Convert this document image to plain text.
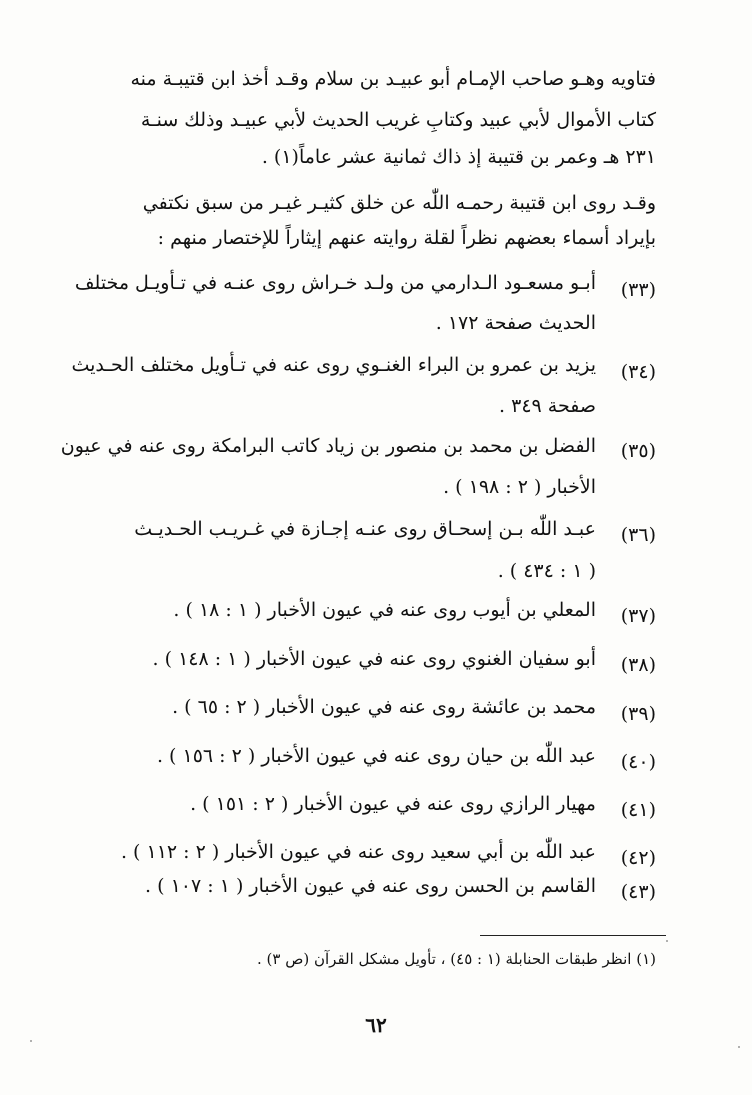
فتاويه وهـو صاحب الإمـام أبو عبيـد بن سلام وقـد أخذ ابن قتيبـة منه
كتاب الأموال لأبي عبيد وكتابِ غريب الحديث لأبي عبيـد وذلك سنـة
٢٣١ هـ وعمر بن قتيبة إذ ذاك ثمانية عشر عاماً(١) .
وقـد روى ابن قتيبة رحمـه اللّٰه عن خلق كثيـر غيـر من سبق نكتفي
بإيراد أسماء بعضهم نظراً لقلة روايته عنهم إيثاراً للإختصار منهم :
(٣٣)
أبـو مسعـود الـدارمي من ولـد خـراش روى عنـه في تـأويـل مختلف
الحديث صفحة ١٧٢ .
(٣٤)
يزيد بن عمرو بن البراء الغنـوي روى عنه في تـأويل مختلف الحـديث
صفحة ٣٤٩ .
(٣٥)
الفضل بن محمد بن منصور بن زياد كاتب البرامكة روى عنه في عيون
الأخبار ( ٢ : ١٩٨ ) .
(٣٦)
عبـد اللّٰه بـن إسحـاق روى عنـه إجـازة في غـريـب الحـديـث
( ١ : ٤٣٤ ) .
(٣٧)
المعلي بن أيوب روى عنه في عيون الأخبار ( ١ : ١٨ ) .
(٣٨)
أبو سفيان الغنوي روى عنه في عيون الأخبار ( ١ : ١٤٨ ) .
(٣٩)
محمد بن عائشة روى عنه في عيون الأخبار ( ٢ : ٦٥ ) .
(٤٠)
عبد اللّٰه بن حيان روى عنه في عيون الأخبار ( ٢ : ١٥٦ ) .
(٤١)
مهيار الرازي روى عنه في عيون الأخبار ( ٢ : ١٥١ ) .
(٤٢)
عبد اللّٰه بن أبي سعيد روى عنه في عيون الأخبار ( ٢ : ١١٢ ) .
(٤٣)
القاسم بن الحسن روى عنه في عيون الأخبار ( ١ : ١٠٧ ) .
(١) انظر طبقات الحنابلة (١ : ٤٥) ، تأويل مشكل القرآن (ص ٣) .
٦٢
